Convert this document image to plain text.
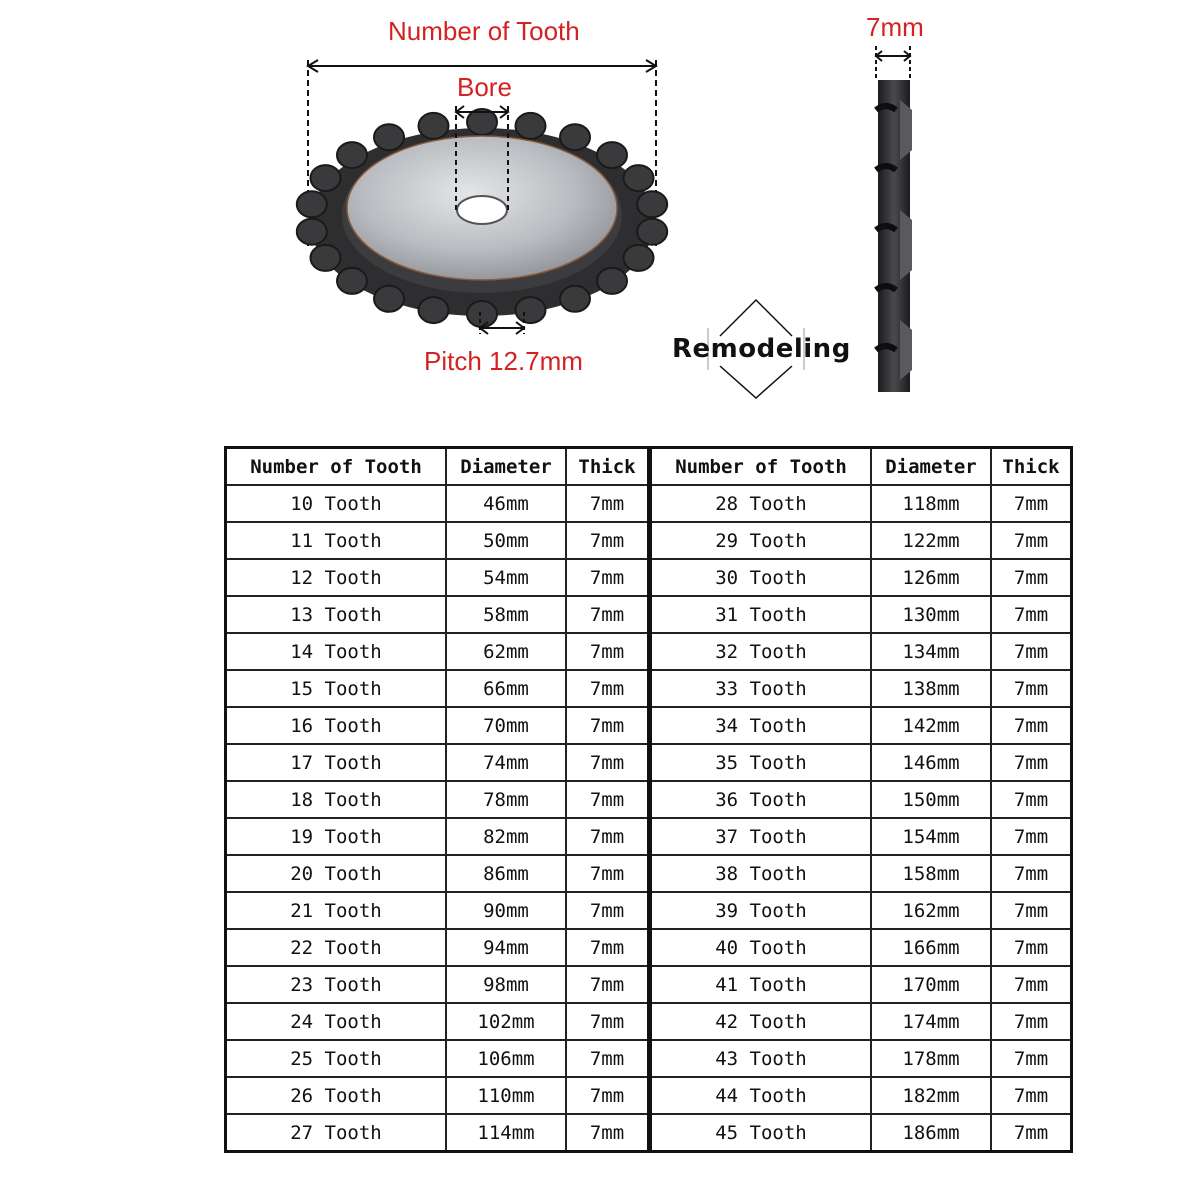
Number of Tooth
Bore
Pitch 12.7mm
7mm
Remodeling
Number of Tooth	Diameter	Thick	Number of Tooth	Diameter	Thick
10 Tooth	46mm	7mm	28 Tooth	118mm	7mm
11 Tooth	50mm	7mm	29 Tooth	122mm	7mm
12 Tooth	54mm	7mm	30 Tooth	126mm	7mm
13 Tooth	58mm	7mm	31 Tooth	130mm	7mm
14 Tooth	62mm	7mm	32 Tooth	134mm	7mm
15 Tooth	66mm	7mm	33 Tooth	138mm	7mm
16 Tooth	70mm	7mm	34 Tooth	142mm	7mm
17 Tooth	74mm	7mm	35 Tooth	146mm	7mm
18 Tooth	78mm	7mm	36 Tooth	150mm	7mm
19 Tooth	82mm	7mm	37 Tooth	154mm	7mm
20 Tooth	86mm	7mm	38 Tooth	158mm	7mm
21 Tooth	90mm	7mm	39 Tooth	162mm	7mm
22 Tooth	94mm	7mm	40 Tooth	166mm	7mm
23 Tooth	98mm	7mm	41 Tooth	170mm	7mm
24 Tooth	102mm	7mm	42 Tooth	174mm	7mm
25 Tooth	106mm	7mm	43 Tooth	178mm	7mm
26 Tooth	110mm	7mm	44 Tooth	182mm	7mm
27 Tooth	114mm	7mm	45 Tooth	186mm	7mm
